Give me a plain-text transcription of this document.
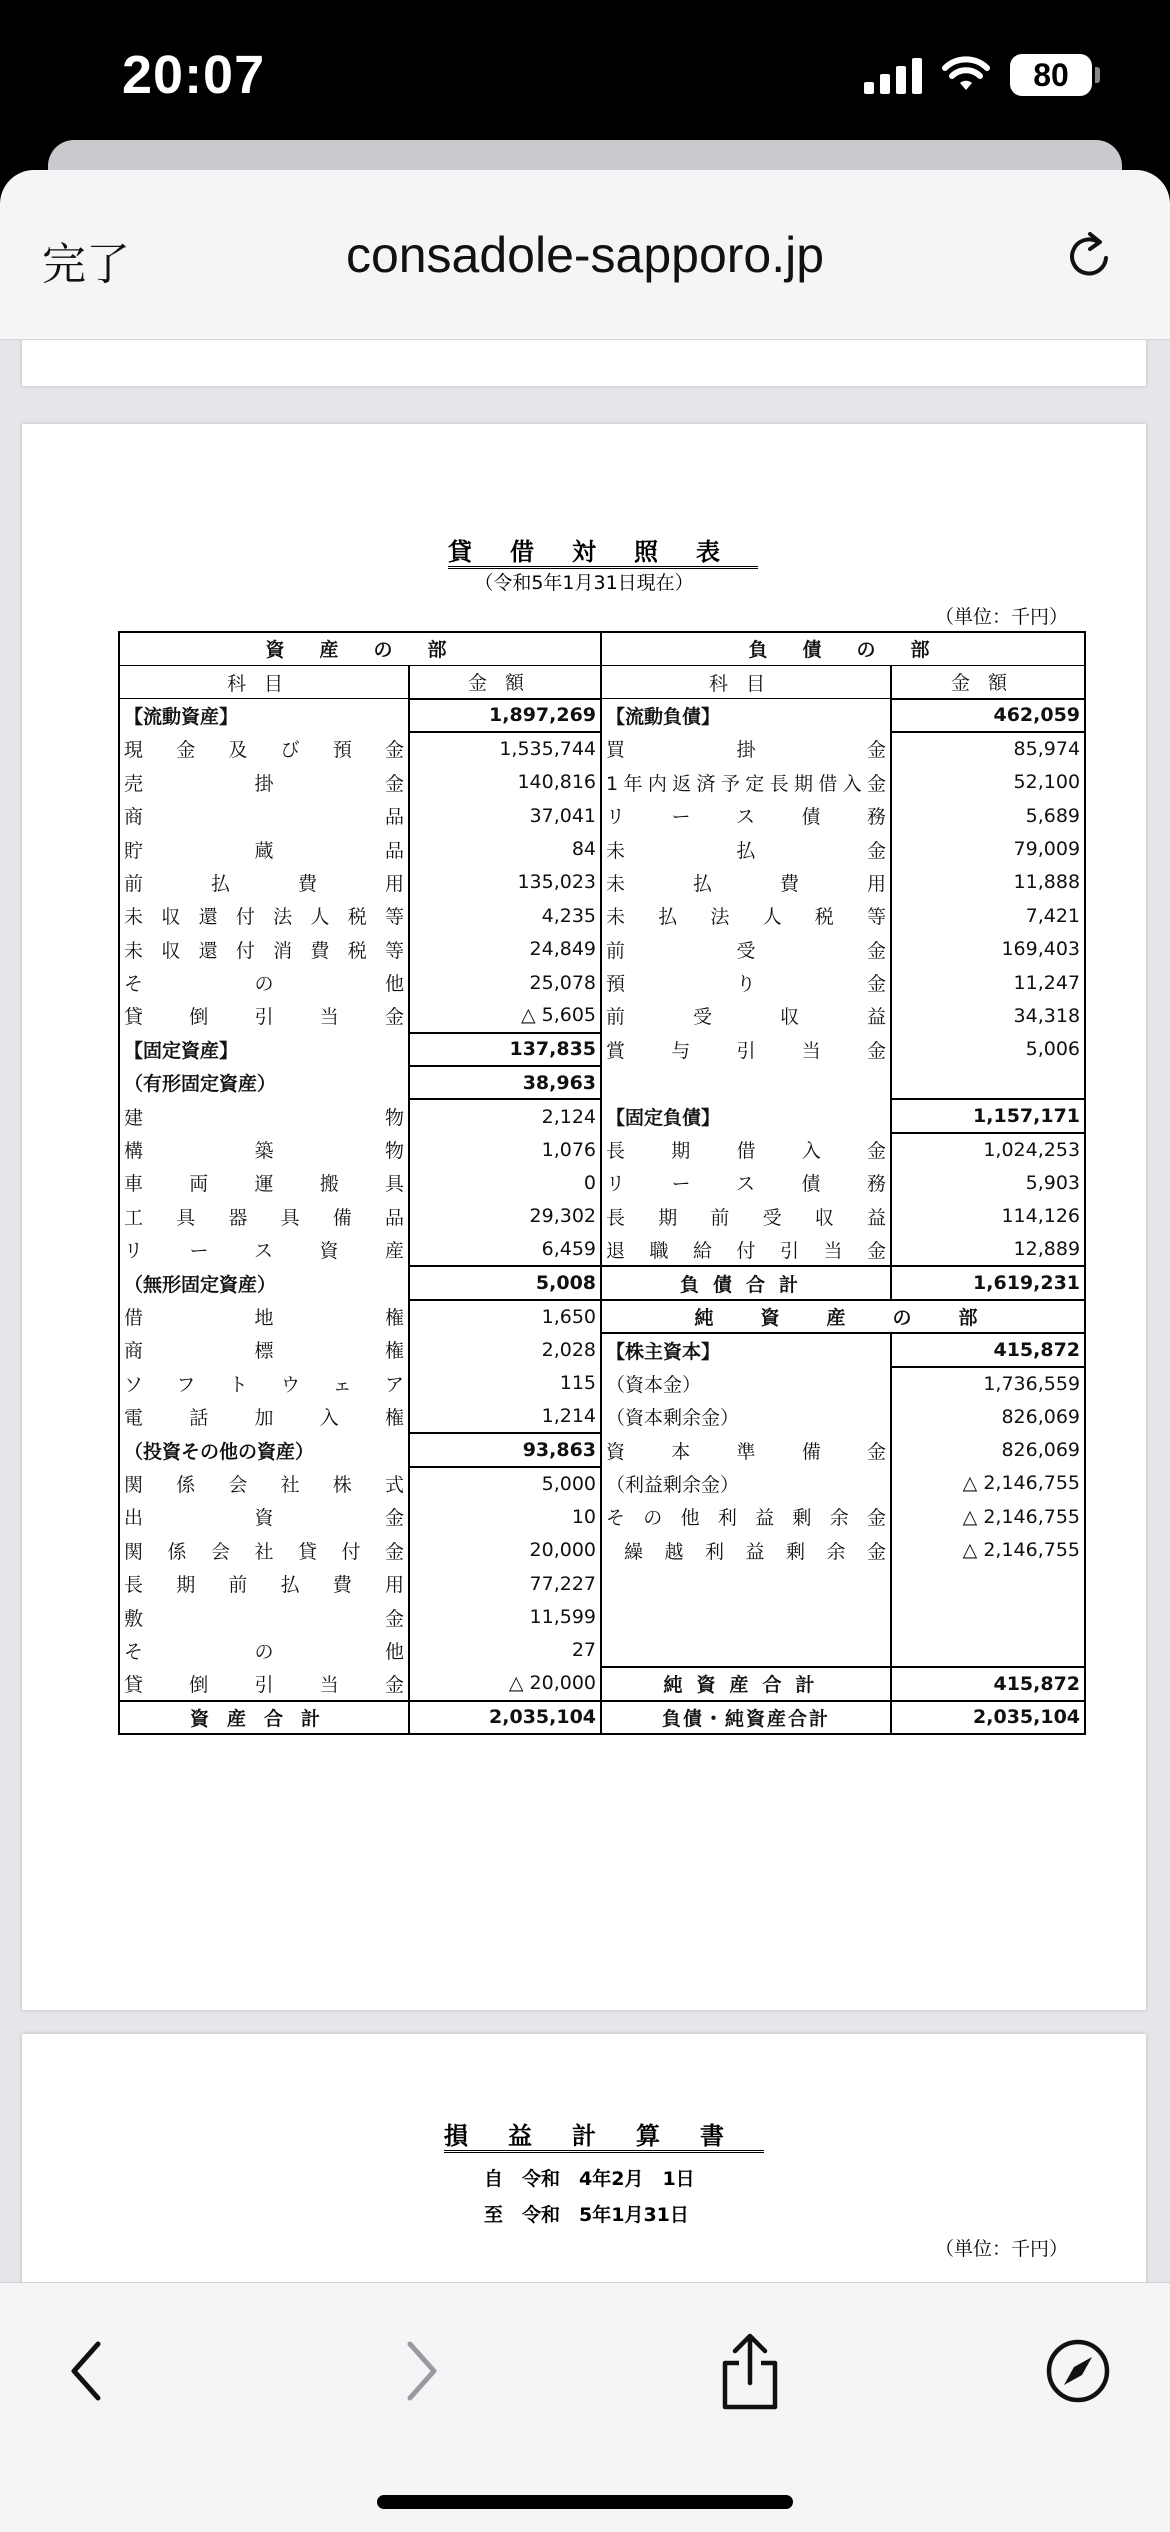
20:07	80
完了	consadole-sapporo.jp
貸借対照表
（令和5年1月31日現在）
（単位：千円）
資　産　の　部		負　債　の　部	
科目	金額	科目	金額
【流動資産】	1,897,269	【流動負債】	462,059
現金及び預金	1,535,744	買掛金	85,974
売掛金	140,816	1年内返済予定長期借入金	52,100
商品	37,041	リース債務	5,689
貯蔵品	84	未払金	79,009
前払費用	135,023	未払費用	11,888
未収還付法人税等	4,235	未払法人税等	7,421
未収還付消費税等	24,849	前受金	169,403
その他	25,078	預り金	11,247
貸倒引当金	△ 5,605	前受収益	34,318
【固定資産】	137,835	賞与引当金	5,006
（有形固定資産）	38,963		
建物	2,124	【固定負債】	1,157,171
構築物	1,076	長期借入金	1,024,253
車両運搬具	0	リース債務	5,903
工具器具備品	29,302	長期前受収益	114,126
リース資産	6,459	退職給付引当金	12,889
（無形固定資産）	5,008	負債合計	1,619,231
借地権	1,650	純　資　産　の　部	
商標権	2,028	【株主資本】	415,872
ソフトウェア	115	（資本金）	1,736,559
電話加入権	1,214	（資本剰余金）	826,069
（投資その他の資産）	93,863	資本準備金	826,069
関係会社株式	5,000	（利益剰余金）	△ 2,146,755
出資金	10	その他利益剰余金	△ 2,146,755
関係会社貸付金	20,000	繰越利益剰余金	△ 2,146,755
長期前払費用	77,227		
敷金	11,599		
その他	27		
貸倒引当金	△ 20,000	純資産合計	415,872
資産合計	2,035,104	負債・純資産合計	2,035,104
損益計算書
自　令和　4年2月　1日
至　令和　5年1月31日
（単位：千円）
